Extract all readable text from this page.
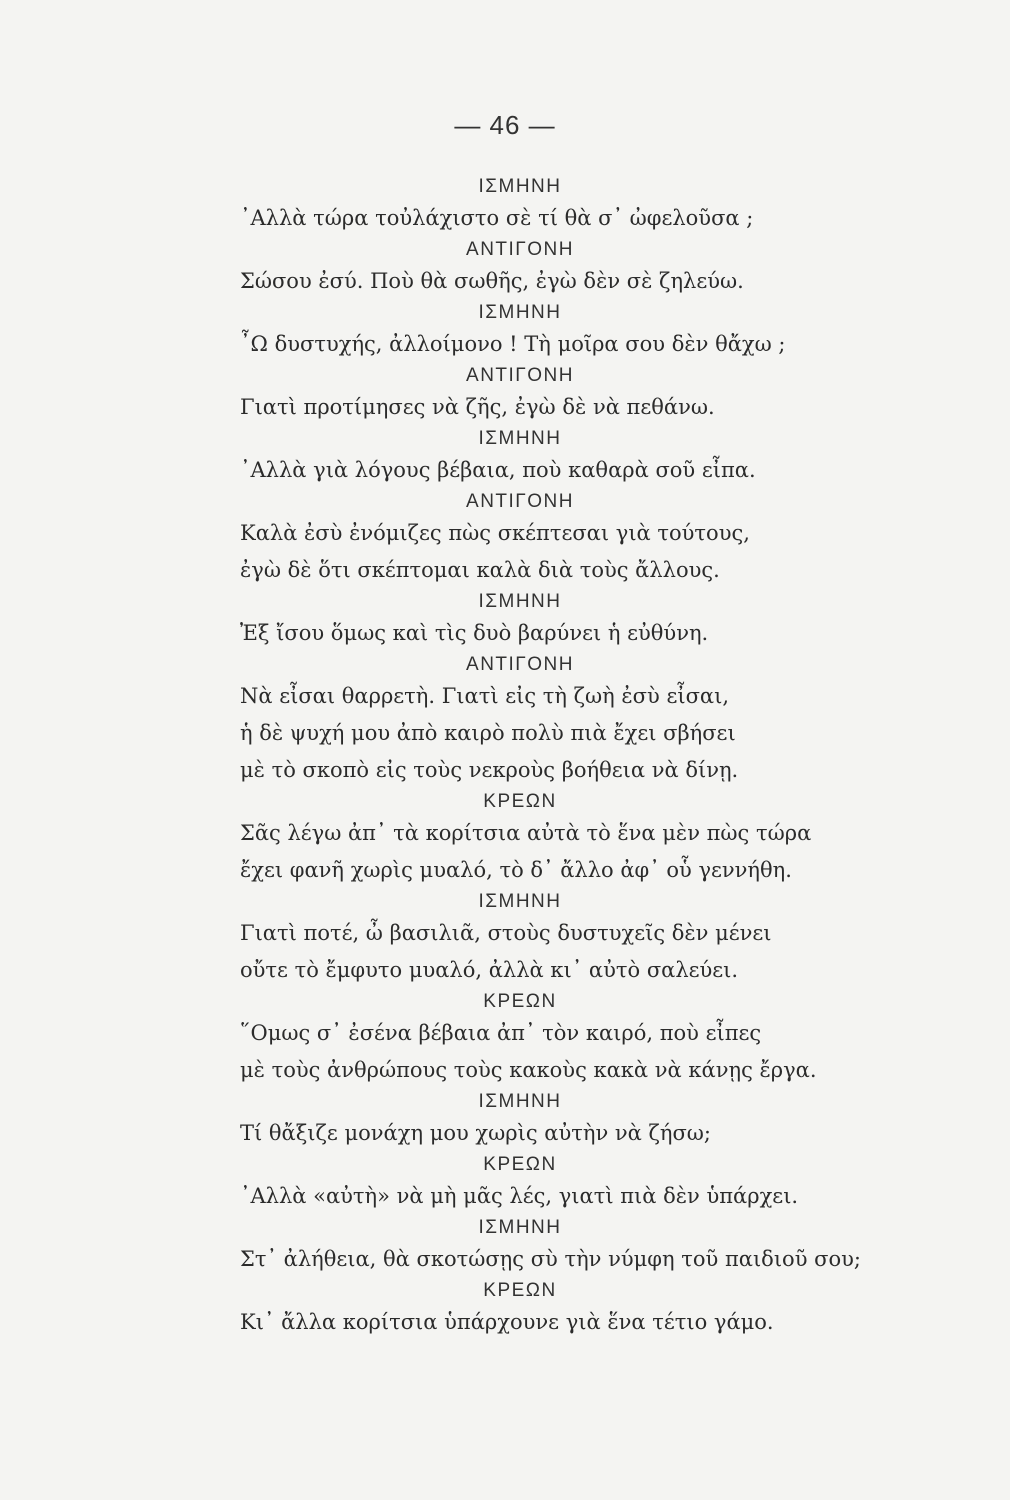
— 46 —
ΙΣΜΗΝΗ
᾿Αλλὰ τώρα τοὐλάχιστο σὲ τί θὰ σ᾿ ὠφελοῦσα ;
ΑΝΤΙΓΟΝΗ
Σώσου ἐσύ. Ποὺ θὰ σωθῆς, ἐγὼ δὲν σὲ ζηλεύω.
ΙΣΜΗΝΗ
῏Ω δυστυχής, ἀλλοίμονο ! Τὴ μοῖρα σου δὲν θἄχω ;
ΑΝΤΙΓΟΝΗ
Γιατὶ προτίμησες νὰ ζῆς, ἐγὼ δὲ νὰ πεθάνω.
ΙΣΜΗΝΗ
᾿Αλλὰ γιὰ λόγους βέβαια, ποὺ καθαρὰ σοῦ εἶπα.
ΑΝΤΙΓΟΝΗ
Καλὰ ἐσὺ ἐνόμιζες πὼς σκέπτεσαι γιὰ τούτους,
ἐγὼ δὲ ὅτι σκέπτομαι καλὰ διὰ τοὺς ἄλλους.
ΙΣΜΗΝΗ
Ἐξ ἴσου ὅμως καὶ τὶς δυὸ βαρύνει ἡ εὐθύνη.
ΑΝΤΙΓΟΝΗ
Νὰ εἶσαι θαρρετὴ. Γιατὶ εἰς τὴ ζωὴ ἐσὺ εἶσαι,
ἡ δὲ ψυχή μου ἀπὸ καιρὸ πολὺ πιὰ ἔχει σβήσει
μὲ τὸ σκοπὸ εἰς τοὺς νεκροὺς βοήθεια νὰ δίνῃ.
ΚΡΕΩΝ
Σᾶς λέγω ἀπ᾿ τὰ κορίτσια αὐτὰ τὸ ἕνα μὲν πὼς τώρα
ἔχει φανῆ χωρὶς μυαλό, τὸ δ᾿ ἄλλο ἀφ᾿ οὗ γεννήθη.
ΙΣΜΗΝΗ
Γιατὶ ποτέ, ὦ βασιλιᾶ, στοὺς δυστυχεῖς δὲν μένει
οὔτε τὸ ἔμφυτο μυαλό, ἀλλὰ κι᾿ αὐτὸ σαλεύει.
ΚΡΕΩΝ
῞Ομως σ᾿ ἐσένα βέβαια ἀπ᾿ τὸν καιρό, ποὺ εἶπες
μὲ τοὺς ἀνθρώπους τοὺς κακοὺς κακὰ νὰ κάνῃς ἔργα.
ΙΣΜΗΝΗ
Τί θἄξιζε μονάχη μου χωρὶς αὐτὴν νὰ ζήσω;
ΚΡΕΩΝ
᾿Αλλὰ «αὐτὴ» νὰ μὴ μᾶς λές, γιατὶ πιὰ δὲν ὑπάρχει.
ΙΣΜΗΝΗ
Στ᾿ ἀλήθεια, θὰ σκοτώσῃς σὺ τὴν νύμφη τοῦ παιδιοῦ σου;
ΚΡΕΩΝ
Κι᾿ ἄλλα κορίτσια ὑπάρχουνε γιὰ ἕνα τέτιο γάμο.
